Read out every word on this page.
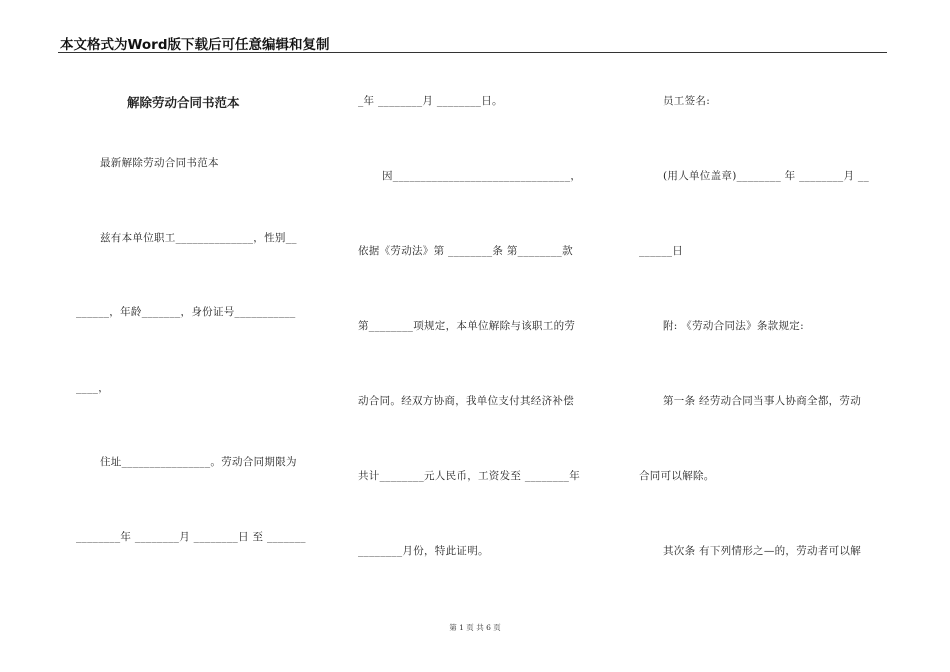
本文格式为Word版下载后可任意编辑和复制
解除劳动合同书范本
最新解除劳动合同书范本
兹有本单位职工______________，性别__
______，年龄_______，身份证号___________
____，
住址________________。劳动合同期限为
________年 ________月 ________日 至 _______
_年 ________月 ________日。
因________________________________，
依据《劳动法》第 ________条 第________款
第________项规定，本单位解除与该职工的劳
动合同。经双方协商，我单位支付其经济补偿
共计________元人民币，工资发至 ________年
________月份，特此证明。
员工签名:
(用人单位盖章)________ 年 ________月 __
______日
附: 《劳动合同法》条款规定:
第一条 经劳动合同当事人协商全都，劳动
合同可以解除。
其次条 有下列情形之—的，劳动者可以解
第 1 页 共 6 页
